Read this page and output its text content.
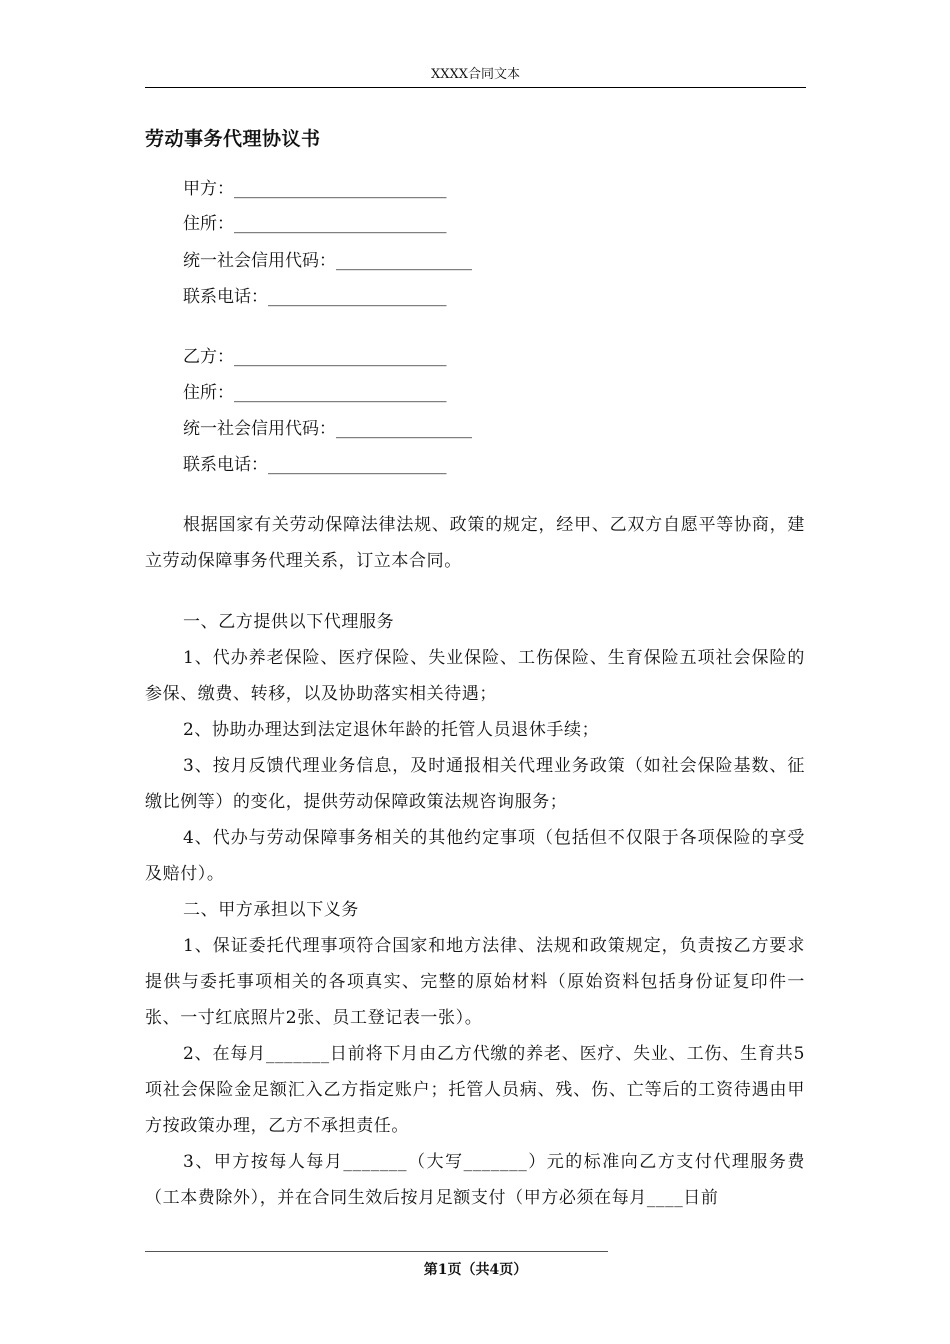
XXXX合同文本
劳动事务代理协议书
甲方：_________________________
住所：_________________________
统一社会信用代码：________________
联系电话：_____________________
乙方：_________________________
住所：_________________________
统一社会信用代码：________________
联系电话：_____________________

根据国家有关劳动保障法律法规、政策的规定，经甲、乙双方自愿平等协商，建立劳动保障事务代理关系，订立本合同。

一、乙方提供以下代理服务

1、代办养老保险、医疗保险、失业保险、工伤保险、生育保险五项社会保险的参保、缴费、转移，以及协助落实相关待遇；

2、协助办理达到法定退休年龄的托管人员退休手续；

3、按月反馈代理业务信息，及时通报相关代理业务政策（如社会保险基数、征缴比例等）的变化，提供劳动保障政策法规咨询服务；

4、代办与劳动保障事务相关的其他约定事项（包括但不仅限于各项保险的享受及赔付）。

二、甲方承担以下义务

1、保证委托代理事项符合国家和地方法律、法规和政策规定，负责按乙方要求提供与委托事项相关的各项真实、完整的原始材料（原始资料包括身份证复印件一张、一寸红底照片2张、员工登记表一张）。

2、在每月_______日前将下月由乙方代缴的养老、医疗、失业、工伤、生育共5项社会保险金足额汇入乙方指定账户；托管人员病、残、伤、亡等后的工资待遇由甲方按政策办理，乙方不承担责任。

3、甲方按每人每月_______（大写_______）元的标准向乙方支付代理服务费（工本费除外），并在合同生效后按月足额支付（甲方必须在每月____日前

第1页（共4页）
